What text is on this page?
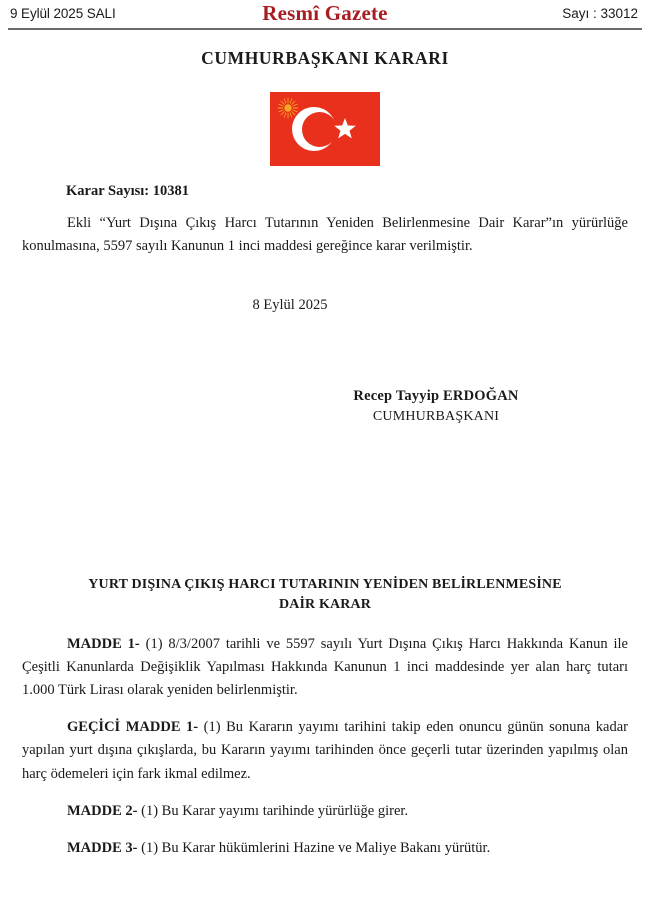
9 Eylül 2025 SALI	Resmî Gazete	Sayı : 33012
CUMHURBAŞKANI KARARI
Karar Sayısı: 10381
Ekli “Yurt Dışına Çıkış Harcı Tutarının Yeniden Belirlenmesine Dair Karar”ın yürürlüğe konulmasına, 5597 sayılı Kanunun 1 inci maddesi gereğince karar verilmiştir.
8 Eylül 2025
Recep Tayyip ERDOĞAN
CUMHURBAŞKANI
YURT DIŞINA ÇIKIŞ HARCI TUTARININ YENİDEN BELİRLENMESİNE
DAİR KARAR
MADDE 1- (1) 8/3/2007 tarihli ve 5597 sayılı Yurt Dışına Çıkış Harcı Hakkında Kanun ile Çeşitli Kanunlarda Değişiklik Yapılması Hakkında Kanunun 1 inci maddesinde yer alan harç tutarı 1.000 Türk Lirası olarak yeniden belirlenmiştir.
GEÇİCİ MADDE 1- (1) Bu Kararın yayımı tarihini takip eden onuncu günün sonuna kadar yapılan yurt dışına çıkışlarda, bu Kararın yayımı tarihinden önce geçerli tutar üzerinden yapılmış olan harç ödemeleri için fark ikmal edilmez.
MADDE 2- (1) Bu Karar yayımı tarihinde yürürlüğe girer.
MADDE 3- (1) Bu Karar hükümlerini Hazine ve Maliye Bakanı yürütür.
